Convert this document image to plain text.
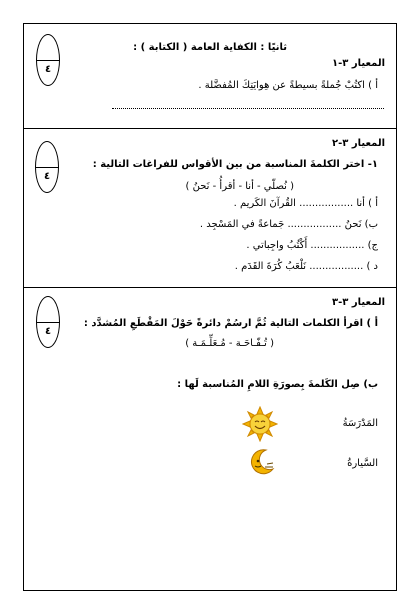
٤
ثانيًا : الكفاية العامة ( الكتابة ) :
المعيار ٣-١
أ ) اكتُبْ جُملةً بسيطةً عن هِوايَتِكَ المُفضَّلة .
٤
المعيار ٣-٢
١- اختر الكلمةَ المناسبة من بين الأقواس للفراغات التالية :
( نُصلّي - أنا - أقرأُ - نَحنُ )
أ ) أنا ................. القُرآنَ الكَريم .
ب) نَحنُ ................. جَماعةً في المَسْجِد .
ج) ................. أَكْتُبُ واجِباتي .
د ) ................. نَلْعَبُ كُرَةَ القَدَم .
٤
المعيار ٣-٣
أ ) اقرأ الكلمات التالية ثُمَّ ارسُمْ دائرةً حَوْلَ المَقْطَعِ المُشدَّد :
( تُـفّـاحَـة - مُـعَلِّـمَـة )
ب) صِل الكَلمةَ بِصورَةِ اللامِ المُناسبة لَها :
المَدْرَسَةُ
السَّيارةُ
